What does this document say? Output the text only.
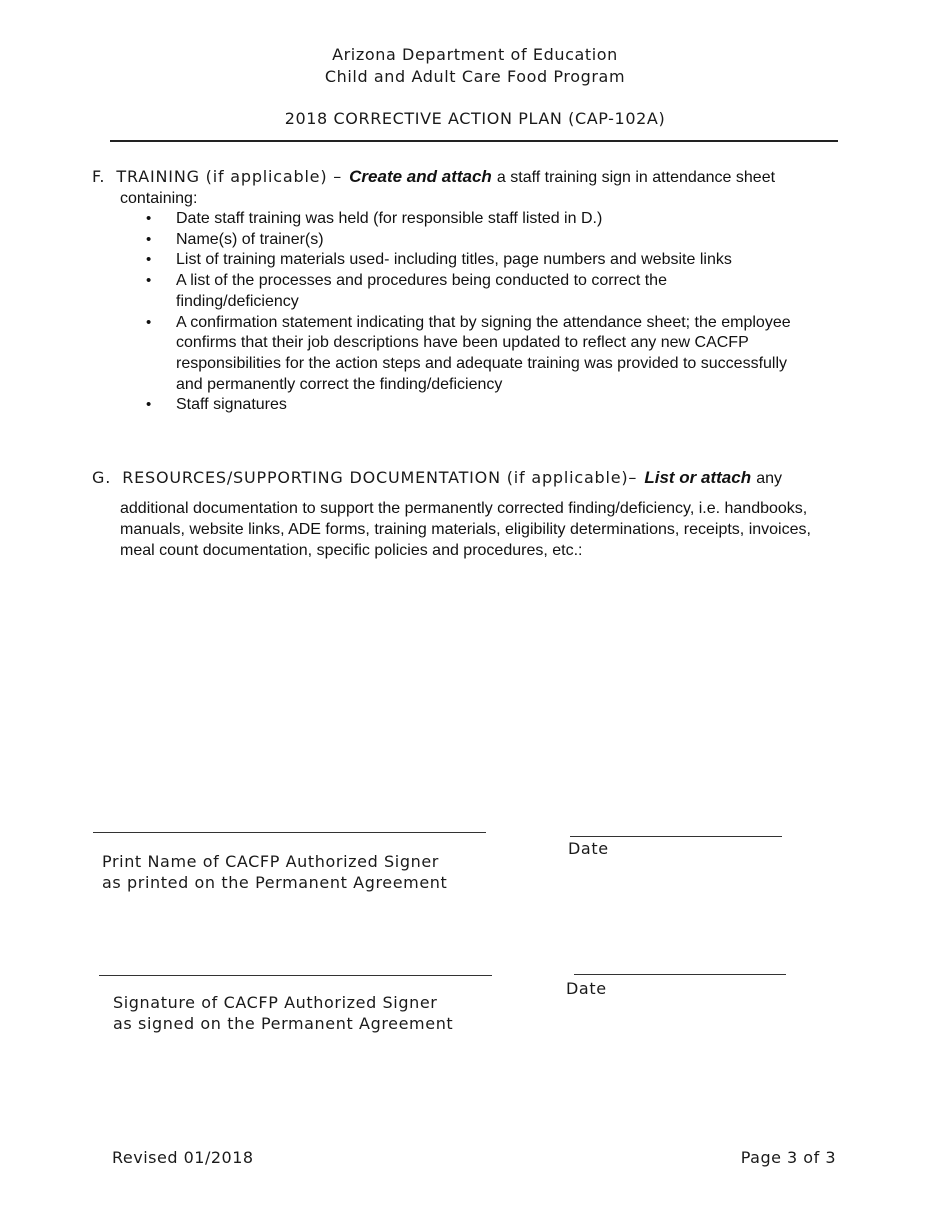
Arizona Department of Education
Child and Adult Care Food Program
2018 CORRECTIVE ACTION PLAN (CAP-102A)
F. TRAINING (if applicable) – Create and attach a staff training sign in attendance sheet
containing:
• Date staff training was held (for responsible staff listed in D.)
• Name(s) of trainer(s)
• List of training materials used- including titles, page numbers and website links
• A list of the processes and procedures being conducted to correct the finding/deficiency
• A confirmation statement indicating that by signing the attendance sheet; the employee confirms that their job descriptions have been updated to reflect any new CACFP responsibilities for the action steps and adequate training was provided to successfully and permanently correct the finding/deficiency
• Staff signatures
G. RESOURCES/SUPPORTING DOCUMENTATION (if applicable)– List or attach any
additional documentation to support the permanently corrected finding/deficiency, i.e. handbooks, manuals, website links, ADE forms, training materials, eligibility determinations, receipts, invoices, meal count documentation, specific policies and procedures, etc.:
Print Name of CACFP Authorized Signer
as printed on the Permanent Agreement
Date
Signature of CACFP Authorized Signer
as signed on the Permanent Agreement
Date
Revised 01/2018	Page 3 of 3
